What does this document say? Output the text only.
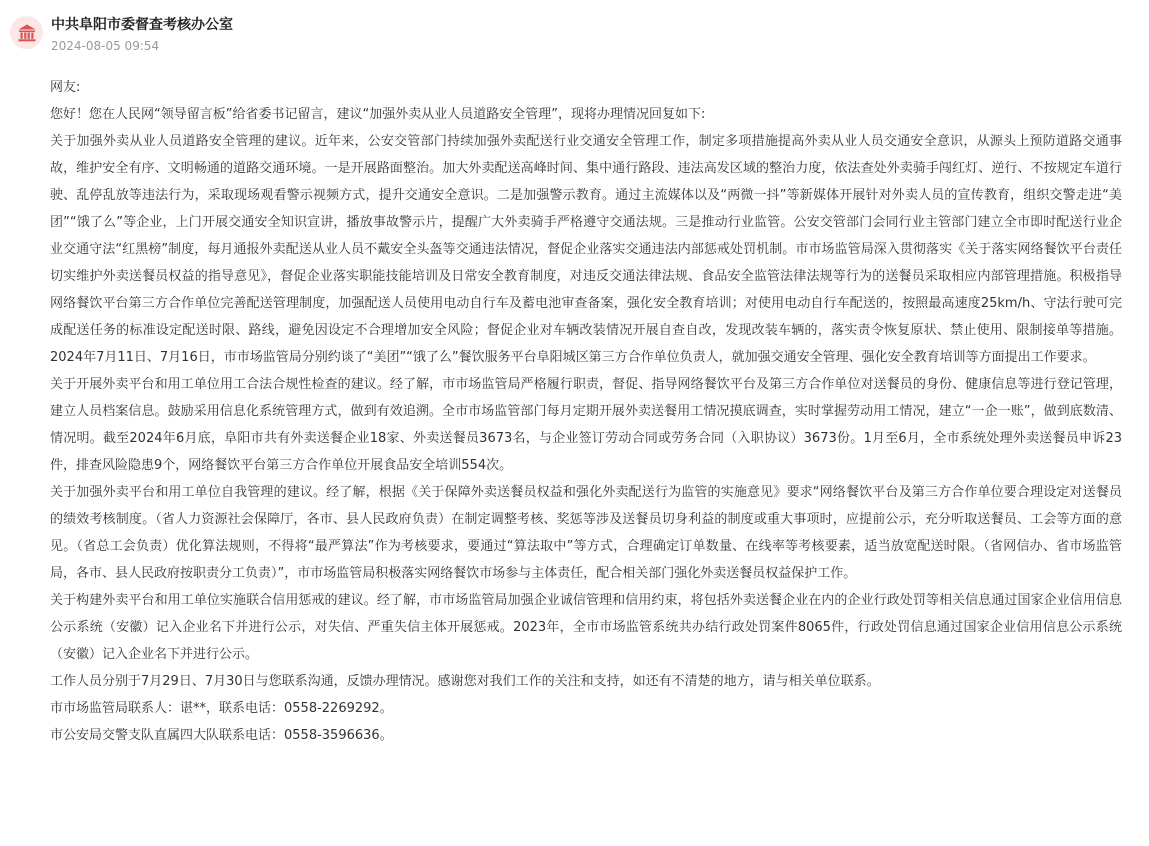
中共阜阳市委督查考核办公室
2024-08-05 09:54

网友:

您好！您在人民网“领导留言板”给省委书记留言，建议“加强外卖从业人员道路安全管理”，现将办理情况回复如下:

关于加强外卖从业人员道路安全管理的建议。近年来，公安交管部门持续加强外卖配送行业交通安全管理工作，制定多项措施提高外卖从业人员交通安全意识，从源头上预防道路交通事故，维护安全有序、文明畅通的道路交通环境。一是开展路面整治。加大外卖配送高峰时间、集中通行路段、违法高发区域的整治力度，依法查处外卖骑手闯红灯、逆行、不按规定车道行驶、乱停乱放等违法行为，采取现场观看警示视频方式，提升交通安全意识。二是加强警示教育。通过主流媒体以及“两微一抖”等新媒体开展针对外卖人员的宣传教育，组织交警走进“美团”“饿了么”等企业，上门开展交通安全知识宣讲，播放事故警示片，提醒广大外卖骑手严格遵守交通法规。三是推动行业监管。公安交管部门会同行业主管部门建立全市即时配送行业企业交通守法“红黑榜”制度，每月通报外卖配送从业人员不戴安全头盔等交通违法情况，督促企业落实交通违法内部惩戒处罚机制。市市场监管局深入贯彻落实《关于落实网络餐饮平台责任切实维护外卖送餐员权益的指导意见》，督促企业落实职能技能培训及日常安全教育制度，对违反交通法律法规、食品安全监管法律法规等行为的送餐员采取相应内部管理措施。积极指导网络餐饮平台第三方合作单位完善配送管理制度，加强配送人员使用电动自行车及蓄电池审查备案，强化安全教育培训；对使用电动自行车配送的，按照最高速度25km/h、守法行驶可完成配送任务的标准设定配送时限、路线，避免因设定不合理增加安全风险；督促企业对车辆改装情况开展自查自改，发现改装车辆的，落实责令恢复原状、禁止使用、限制接单等措施。2024年7月11日、7月16日，市市场监管局分别约谈了“美团”“饿了么”餐饮服务平台阜阳城区第三方合作单位负责人，就加强交通安全管理、强化安全教育培训等方面提出工作要求。

关于开展外卖平台和用工单位用工合法合规性检查的建议。经了解，市市场监管局严格履行职责，督促、指导网络餐饮平台及第三方合作单位对送餐员的身份、健康信息等进行登记管理，建立人员档案信息。鼓励采用信息化系统管理方式，做到有效追溯。全市市场监管部门每月定期开展外卖送餐用工情况摸底调查，实时掌握劳动用工情况，建立“一企一账”，做到底数清、情况明。截至2024年6月底，阜阳市共有外卖送餐企业18家、外卖送餐员3673名，与企业签订劳动合同或劳务合同（入职协议）3673份。1月至6月，全市系统处理外卖送餐员申诉23件，排查风险隐患9个，网络餐饮平台第三方合作单位开展食品安全培训554次。

关于加强外卖平台和用工单位自我管理的建议。经了解，根据《关于保障外卖送餐员权益和强化外卖配送行为监管的实施意见》要求“网络餐饮平台及第三方合作单位要合理设定对送餐员的绩效考核制度。（省人力资源社会保障厅，各市、县人民政府负责）在制定调整考核、奖惩等涉及送餐员切身利益的制度或重大事项时，应提前公示，充分听取送餐员、工会等方面的意见。（省总工会负责）优化算法规则，不得将“最严算法”作为考核要求，要通过“算法取中”等方式，合理确定订单数量、在线率等考核要素，适当放宽配送时限。（省网信办、省市场监管局，各市、县人民政府按职责分工负责）”，市市场监管局积极落实网络餐饮市场参与主体责任，配合相关部门强化外卖送餐员权益保护工作。

关于构建外卖平台和用工单位实施联合信用惩戒的建议。经了解，市市场监管局加强企业诚信管理和信用约束，将包括外卖送餐企业在内的企业行政处罚等相关信息通过国家企业信用信息公示系统（安徽）记入企业名下并进行公示，对失信、严重失信主体开展惩戒。2023年，全市市场监管系统共办结行政处罚案件8065件，行政处罚信息通过国家企业信用信息公示系统（安徽）记入企业名下并进行公示。

工作人员分别于7月29日、7月30日与您联系沟通，反馈办理情况。感谢您对我们工作的关注和支持，如还有不清楚的地方，请与相关单位联系。

市市场监管局联系人：谌**，联系电话：0558-2269292。

市公安局交警支队直属四大队联系电话：0558-3596636。
